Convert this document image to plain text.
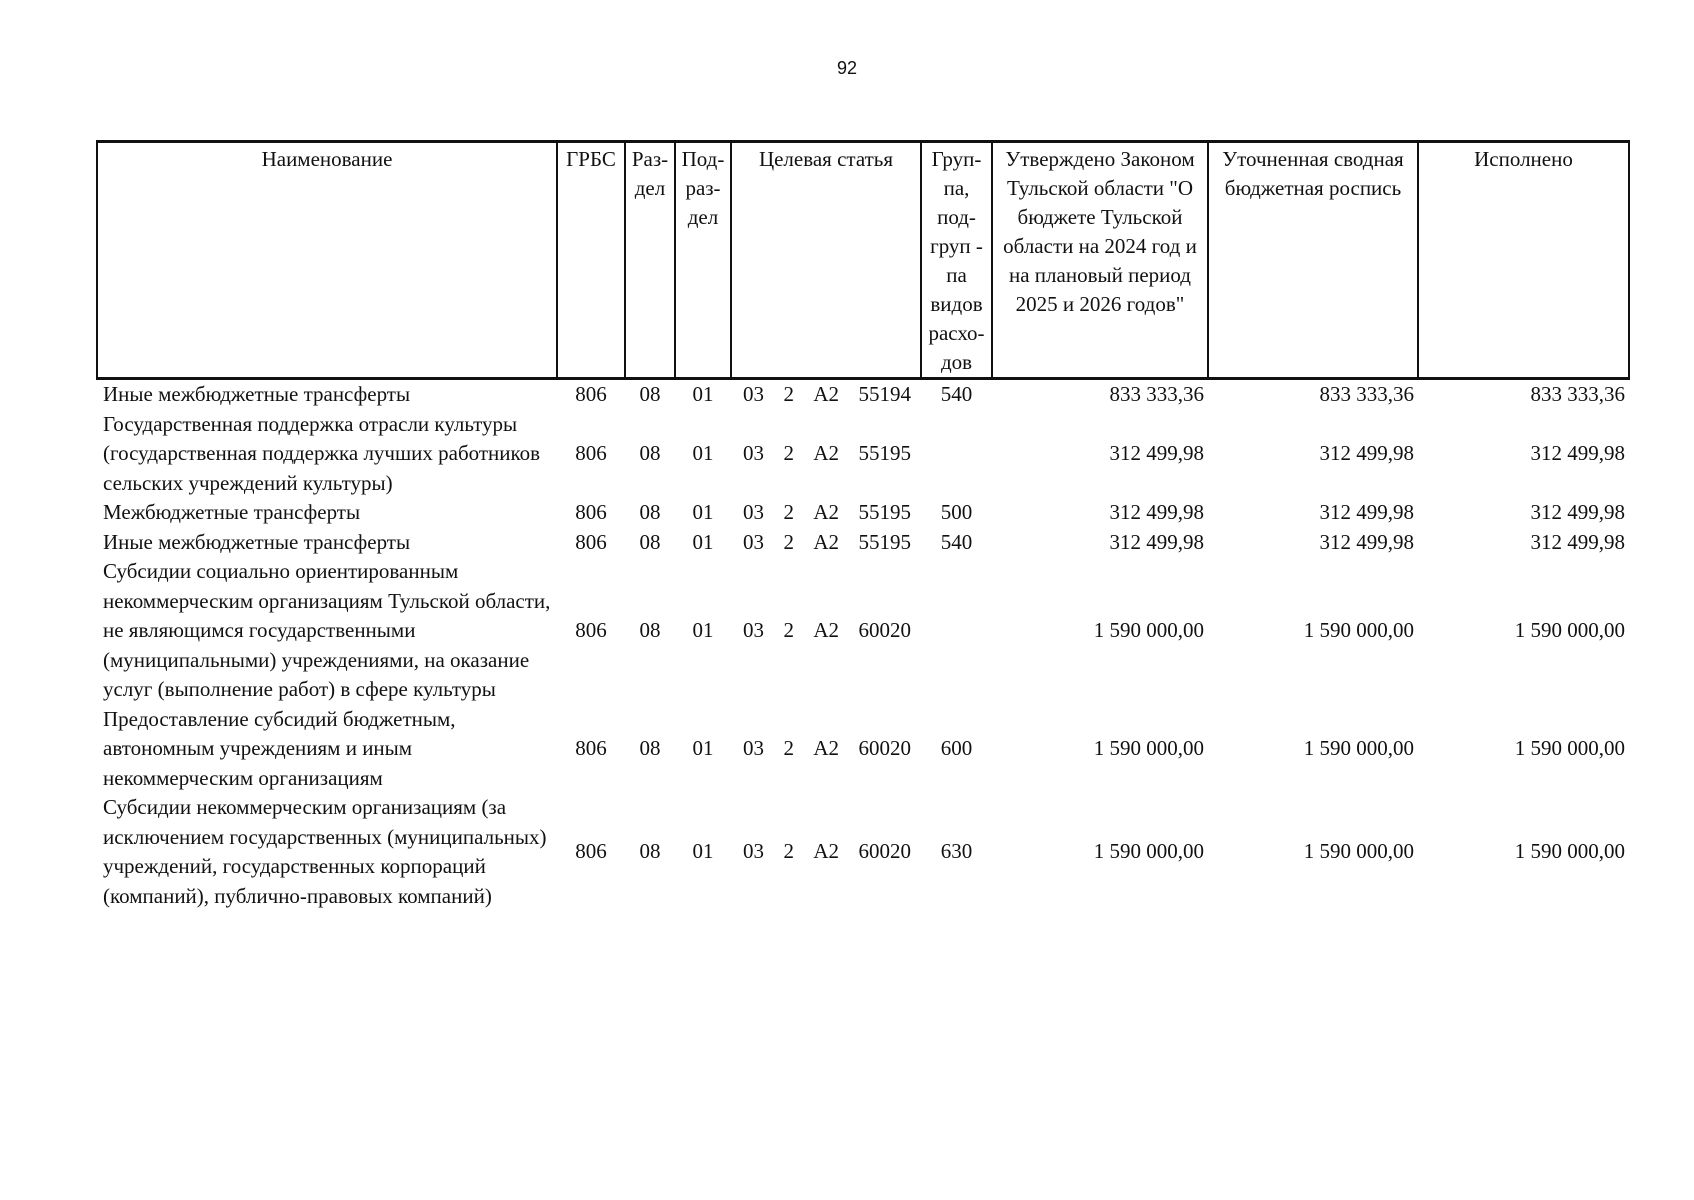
92
Наименование	ГРБС	Раз-дел	Под-раз-дел	Целевая статья	Груп-па, под-груп - па видов расхо-дов	Утверждено Законом Тульской области "О бюджете Тульской области на 2024 год и на плановый период 2025 и 2026 годов"	Уточненная сводная бюджетная роспись	Исполнено
Иные межбюджетные трансферты	806	08	01	03 2 А2 55194	540	833 333,36	833 333,36	833 333,36
Государственная поддержка отрасли культуры (государственная поддержка лучших работников сельских учреждений культуры)	806	08	01	03 2 А2 55195		312 499,98	312 499,98	312 499,98
Межбюджетные трансферты	806	08	01	03 2 А2 55195	500	312 499,98	312 499,98	312 499,98
Иные межбюджетные трансферты	806	08	01	03 2 А2 55195	540	312 499,98	312 499,98	312 499,98
Субсидии социально ориентированным некоммерческим организациям Тульской области, не являющимся государственными (муниципальными) учреждениями, на оказание услуг (выполнение работ) в сфере культуры	806	08	01	03 2 А2 60020		1 590 000,00	1 590 000,00	1 590 000,00
Предоставление субсидий бюджетным, автономным учреждениям и иным некоммерческим организациям	806	08	01	03 2 А2 60020	600	1 590 000,00	1 590 000,00	1 590 000,00
Субсидии некоммерческим организациям (за исключением государственных (муниципальных) учреждений, государственных корпораций (компаний), публично-правовых компаний)	806	08	01	03 2 А2 60020	630	1 590 000,00	1 590 000,00	1 590 000,00
